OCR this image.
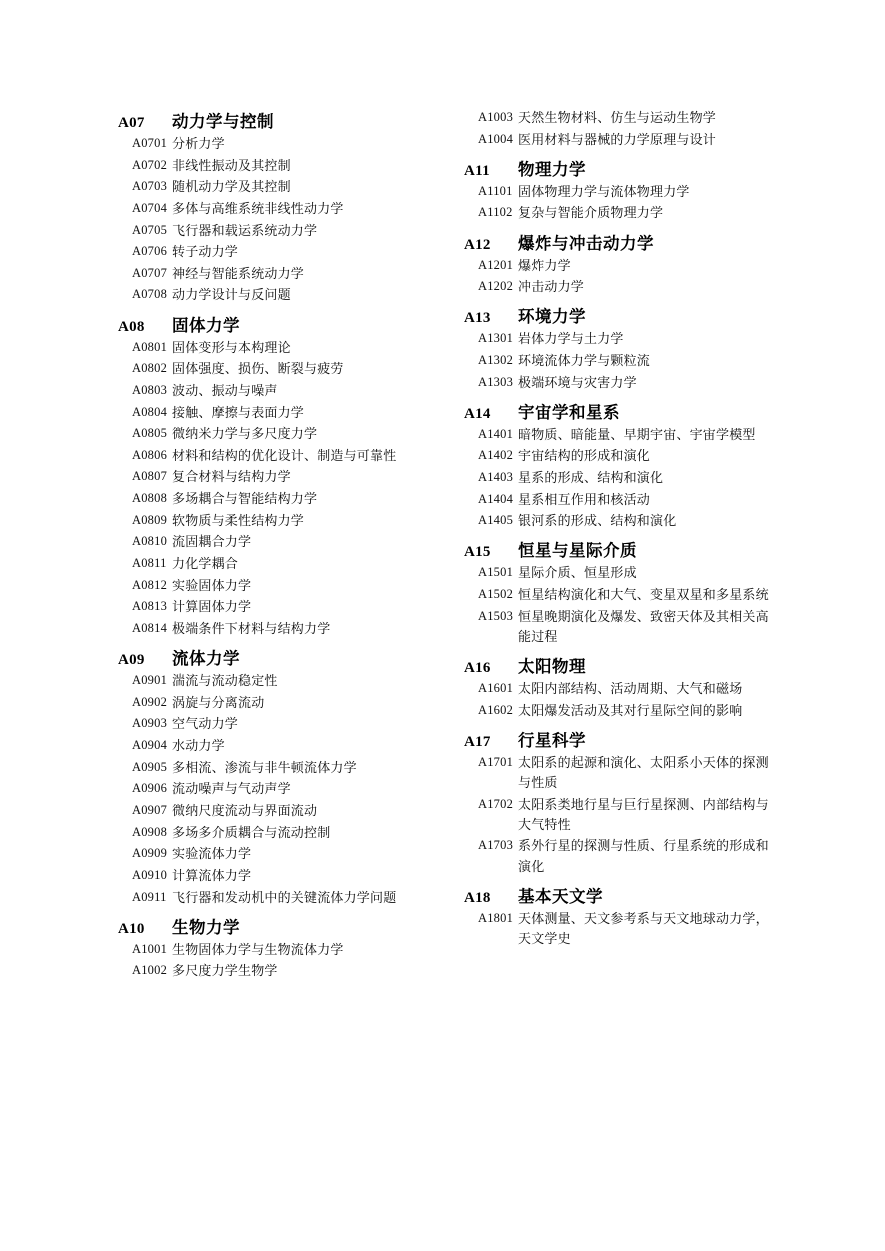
A07	动力学与控制
A0701 分析力学
A0702 非线性振动及其控制
A0703 随机动力学及其控制
A0704 多体与高维系统非线性动力学
A0705 飞行器和载运系统动力学
A0706 转子动力学
A0707 神经与智能系统动力学
A0708 动力学设计与反问题
A08	固体力学
A0801 固体变形与本构理论
A0802 固体强度、损伤、断裂与疲劳
A0803 波动、振动与噪声
A0804 接触、摩擦与表面力学
A0805 微纳米力学与多尺度力学
A0806 材料和结构的优化设计、制造与可靠性
A0807 复合材料与结构力学
A0808 多场耦合与智能结构力学
A0809 软物质与柔性结构力学
A0810 流固耦合力学
A0811 力化学耦合
A0812 实验固体力学
A0813 计算固体力学
A0814 极端条件下材料与结构力学
A09	流体力学
A0901 湍流与流动稳定性
A0902 涡旋与分离流动
A0903 空气动力学
A0904 水动力学
A0905 多相流、渗流与非牛顿流体力学
A0906 流动噪声与气动声学
A0907 微纳尺度流动与界面流动
A0908 多场多介质耦合与流动控制
A0909 实验流体力学
A0910 计算流体力学
A0911 飞行器和发动机中的关键流体力学问题
A10	生物力学
A1001 生物固体力学与生物流体力学
A1002 多尺度力学生物学
A1003 天然生物材料、仿生与运动生物学
A1004 医用材料与器械的力学原理与设计
A11	物理力学
A1101 固体物理力学与流体物理力学
A1102 复杂与智能介质物理力学
A12	爆炸与冲击动力学
A1201 爆炸力学
A1202 冲击动力学
A13	环境力学
A1301 岩体力学与土力学
A1302 环境流体力学与颗粒流
A1303 极端环境与灾害力学
A14	宇宙学和星系
A1401 暗物质、暗能量、早期宇宙、宇宙学模型
A1402 宇宙结构的形成和演化
A1403 星系的形成、结构和演化
A1404 星系相互作用和核活动
A1405 银河系的形成、结构和演化
A15	恒星与星际介质
A1501 星际介质、恒星形成
A1502 恒星结构演化和大气、变星双星和多星系统
A1503 恒星晚期演化及爆发、致密天体及其相关高能过程
A16	太阳物理
A1601 太阳内部结构、活动周期、大气和磁场
A1602 太阳爆发活动及其对行星际空间的影响
A17	行星科学
A1701 太阳系的起源和演化、太阳系小天体的探测与性质
A1702 太阳系类地行星与巨行星探测、内部结构与大气特性
A1703 系外行星的探测与性质、行星系统的形成和演化
A18	基本天文学
A1801 天体测量、天文参考系与天文地球动力学，天文学史
